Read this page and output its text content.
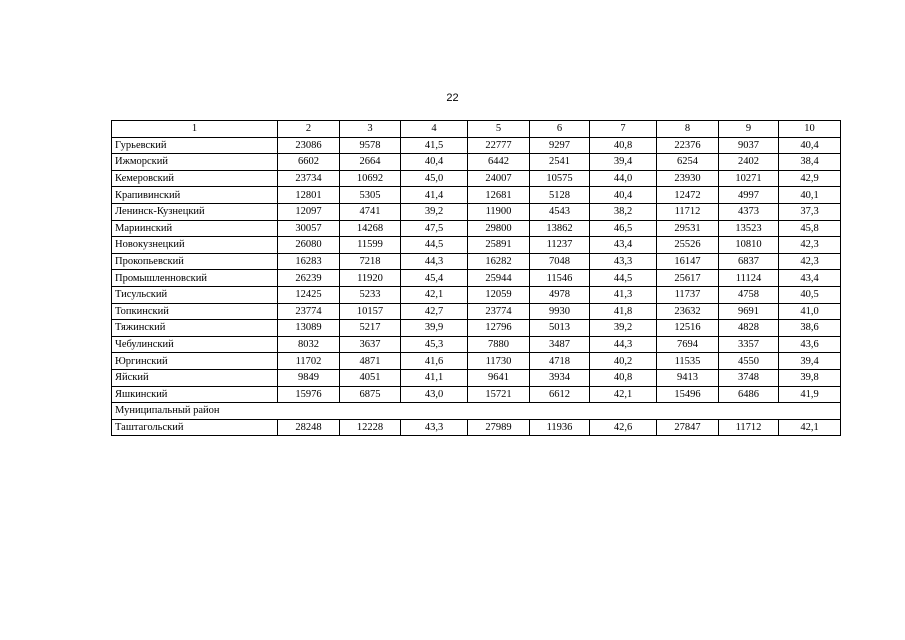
22
1	2	3	4	5	6	7	8	9	10
Гурьевский	23086	9578	41,5	22777	9297	40,8	22376	9037	40,4
Ижморский	6602	2664	40,4	6442	2541	39,4	6254	2402	38,4
Кемеровский	23734	10692	45,0	24007	10575	44,0	23930	10271	42,9
Крапивинский	12801	5305	41,4	12681	5128	40,4	12472	4997	40,1
Ленинск-Кузнецкий	12097	4741	39,2	11900	4543	38,2	11712	4373	37,3
Мариинский	30057	14268	47,5	29800	13862	46,5	29531	13523	45,8
Новокузнецкий	26080	11599	44,5	25891	11237	43,4	25526	10810	42,3
Прокопьевский	16283	7218	44,3	16282	7048	43,3	16147	6837	42,3
Промышленновский	26239	11920	45,4	25944	11546	44,5	25617	11124	43,4
Тисульский	12425	5233	42,1	12059	4978	41,3	11737	4758	40,5
Топкинский	23774	10157	42,7	23774	9930	41,8	23632	9691	41,0
Тяжинский	13089	5217	39,9	12796	5013	39,2	12516	4828	38,6
Чебулинский	8032	3637	45,3	7880	3487	44,3	7694	3357	43,6
Юргинский	11702	4871	41,6	11730	4718	40,2	11535	4550	39,4
Яйский	9849	4051	41,1	9641	3934	40,8	9413	3748	39,8
Яшкинский	15976	6875	43,0	15721	6612	42,1	15496	6486	41,9
Муниципальный район									
Таштагольский	28248	12228	43,3	27989	11936	42,6	27847	11712	42,1
